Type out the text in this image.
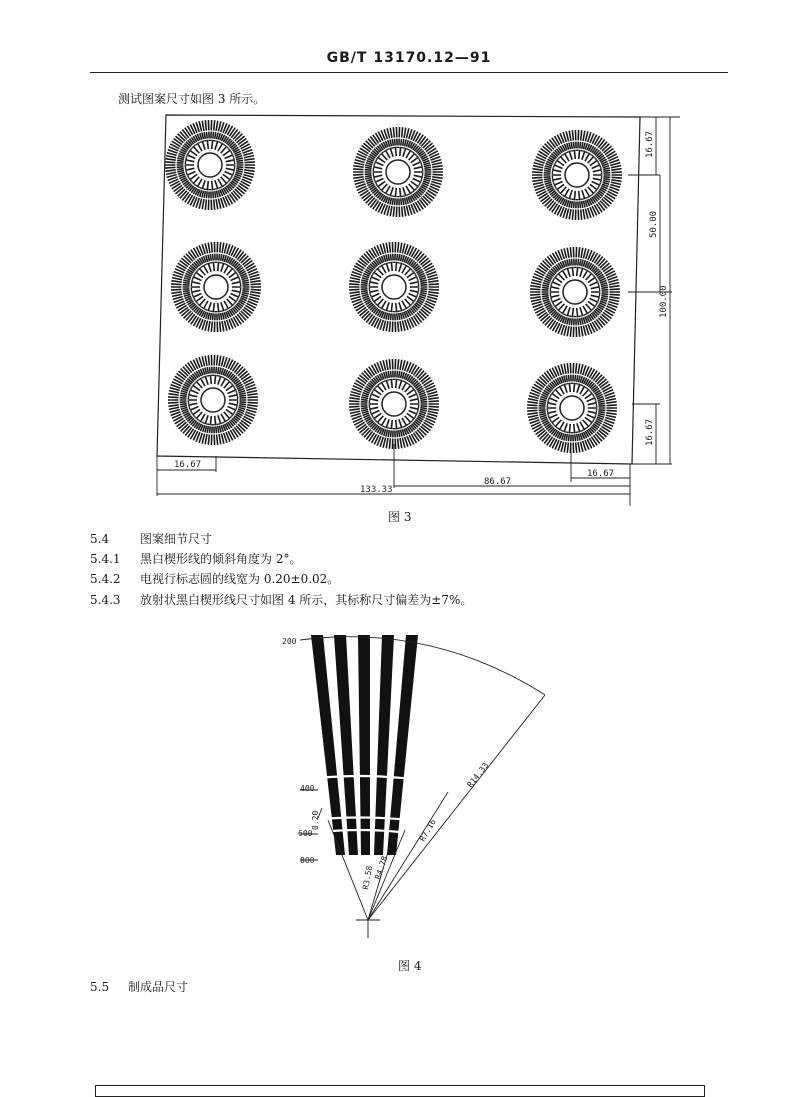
GB/T 13170.12—91
测试图案尺寸如图 3 所示。
16.67
50.00
100.00
16.67
16.67
86.67
16.67
133.33
图 3
5.4	图案细节尺寸
5.4.1 黑白楔形线的倾斜角度为 2°。
5.4.2 电视行标志圆的线宽为 0.20±0.02。
5.4.3 放射状黑白楔形线尺寸如图 4 所示，其标称尺寸偏差为±7%。
200
400
600
800
0.20
R14.33
R7.16
R4.78
R3.58
图 4
5.5 制成品尺寸
